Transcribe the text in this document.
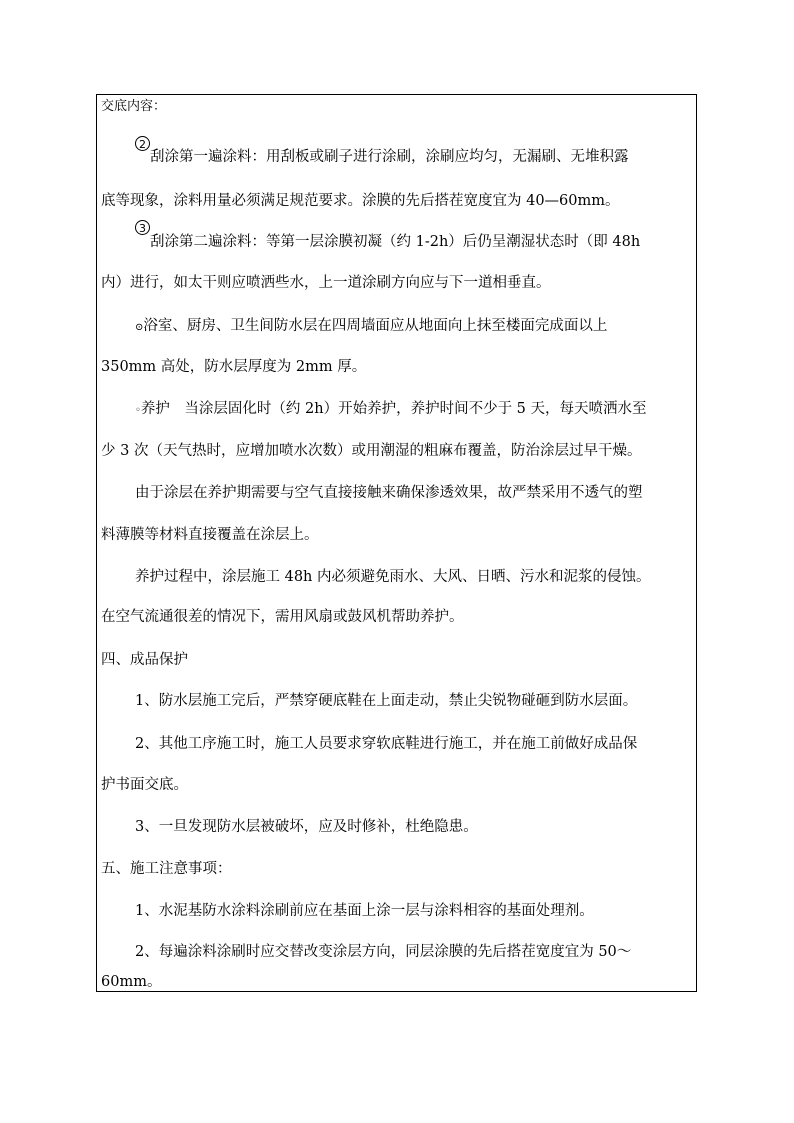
交底内容：
2
刮涂第一遍涂料：用刮板或刷子进行涂刷，涂刷应均匀，无漏刷、无堆积露
底等现象，涂料用量必须满足规范要求。涂膜的先后搭茬宽度宜为 40—60mm。
3
刮涂第二遍涂料：等第一层涂膜初凝（约 1-2h）后仍呈潮湿状态时（即 48h
内）进行，如太干则应喷洒些水，上一道涂刷方向应与下一道相垂直。
⊙浴室、厨房、卫生间防水层在四周墙面应从地面向上抹至楼面完成面以上
350mm 高处，防水层厚度为 2mm 厚。
◦养护　当涂层固化时（约 2h）开始养护，养护时间不少于 5 天，每天喷洒水至
少 3 次（天气热时，应增加喷水次数）或用潮湿的粗麻布覆盖，防治涂层过早干燥。
由于涂层在养护期需要与空气直接接触来确保渗透效果，故严禁采用不透气的塑
料薄膜等材料直接覆盖在涂层上。
养护过程中，涂层施工 48h 内必须避免雨水、大风、日晒、污水和泥浆的侵蚀。
在空气流通很差的情况下，需用风扇或鼓风机帮助养护。
四、成品保护
1、防水层施工完后，严禁穿硬底鞋在上面走动，禁止尖锐物碰砸到防水层面。
2、其他工序施工时，施工人员要求穿软底鞋进行施工，并在施工前做好成品保
护书面交底。
3、一旦发现防水层被破坏，应及时修补，杜绝隐患。
五、施工注意事项：
1、水泥基防水涂料涂刷前应在基面上涂一层与涂料相容的基面处理剂。
2、每遍涂料涂刷时应交替改变涂层方向，同层涂膜的先后搭茬宽度宜为 50～
60mm。
